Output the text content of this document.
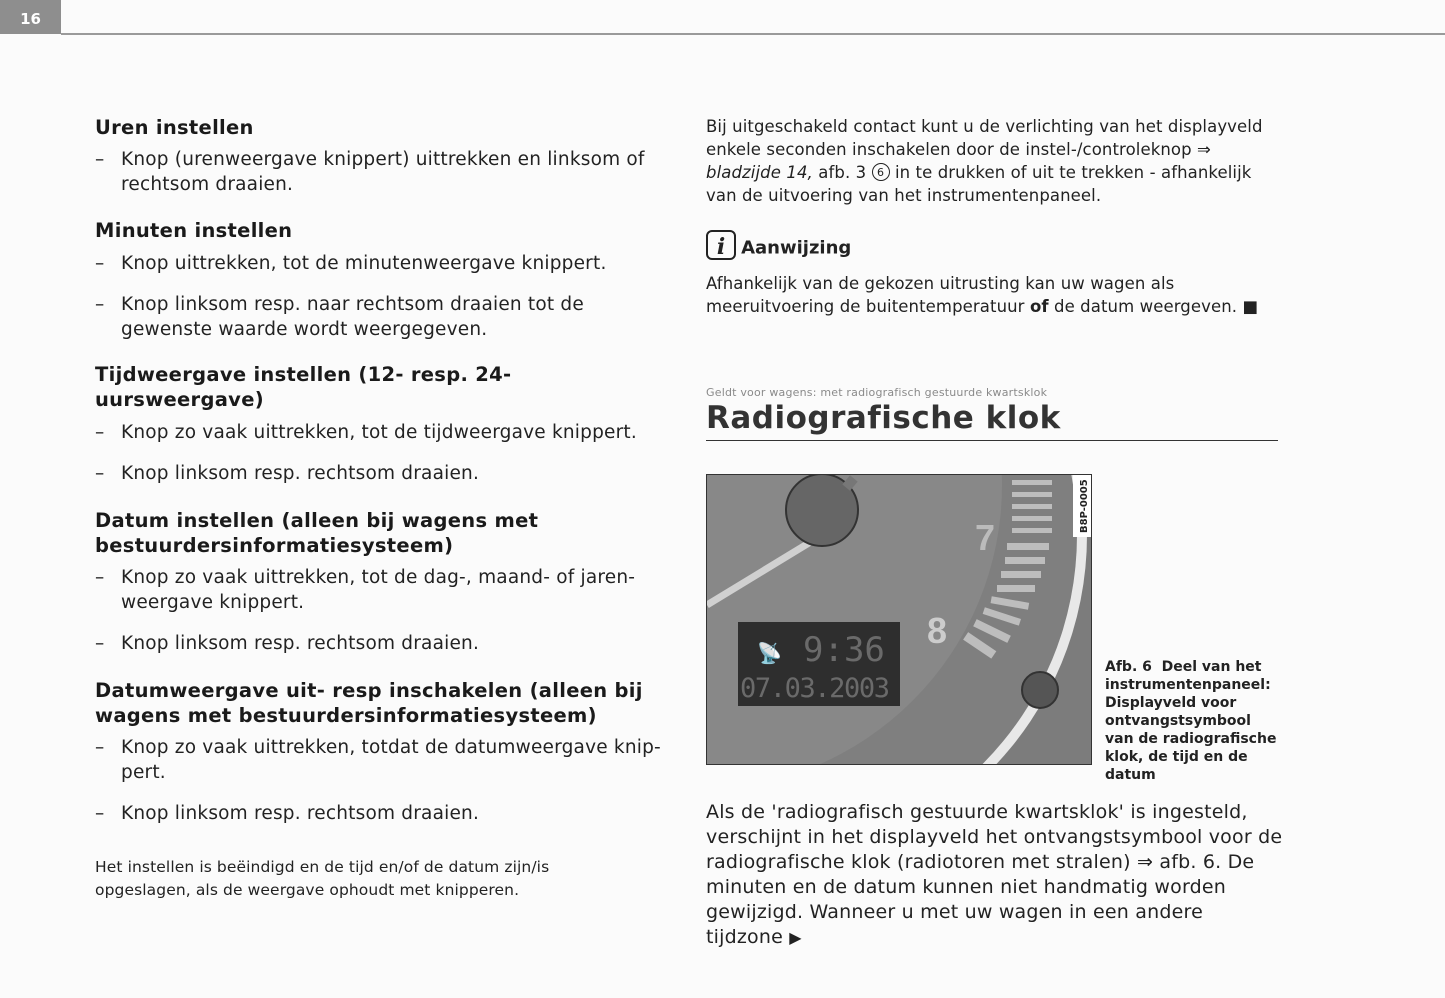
16
Uren instellen
– Knop (urenweergave knippert) uittrekken en linksom of rechtsom draaien.
Minuten instellen
– Knop uittrekken, tot de minutenweergave knippert.
– Knop linksom resp. naar rechtsom draaien tot de gewenste waarde wordt weergegeven.
Tijdweergave instellen (12- resp. 24-uursweergave)
– Knop zo vaak uittrekken, tot de tijdweergave knippert.
– Knop linksom resp. rechtsom draaien.
Datum instellen (alleen bij wagens met bestuurdersinformatiesysteem)
– Knop zo vaak uittrekken, tot de dag-, maand- of jaren-weergave knippert.
– Knop linksom resp. rechtsom draaien.
Datumweergave uit- resp inschakelen (alleen bij wagens met bestuurdersinformatiesysteem)
– Knop zo vaak uittrekken, totdat de datumweergave knip-pert.
– Knop linksom resp. rechtsom draaien.
Het instellen is beëindigd en de tijd en/of de datum zijn/is opgeslagen, als de weergave ophoudt met knipperen.
Bij uitgeschakeld contact kunt u de verlichting van het displayveld enkele seconden inschakelen door de instel-/controleknop ⇒ bladzijde 14, afb. 3 6 in te drukken of uit te trekken - afhankelijk van de uitvoering van het instrumentenpaneel.
i Aanwijzing
Afhankelijk van de gekozen uitrusting kan uw wagen als meeruitvoering de buitentemperatuur of de datum weergeven. ■
Geldt voor wagens: met radiografisch gestuurde kwartsklok
Radiografische klok
7
8
📡 9:36
07.03.2003
B8P-0005
Afb. 6 Deel van het instrumentenpaneel: Displayveld voor ontvangstsymbool van de radiografische klok, de tijd en de datum
Als de 'radiografisch gestuurde kwartsklok' is ingesteld, verschijnt in het displayveld het ontvangstsymbool voor de radiografische klok (radiotoren met stralen) ⇒ afb. 6. De minuten en de datum kunnen niet handmatig worden gewijzigd. Wanneer u met uw wagen in een andere tijdzone ▶
